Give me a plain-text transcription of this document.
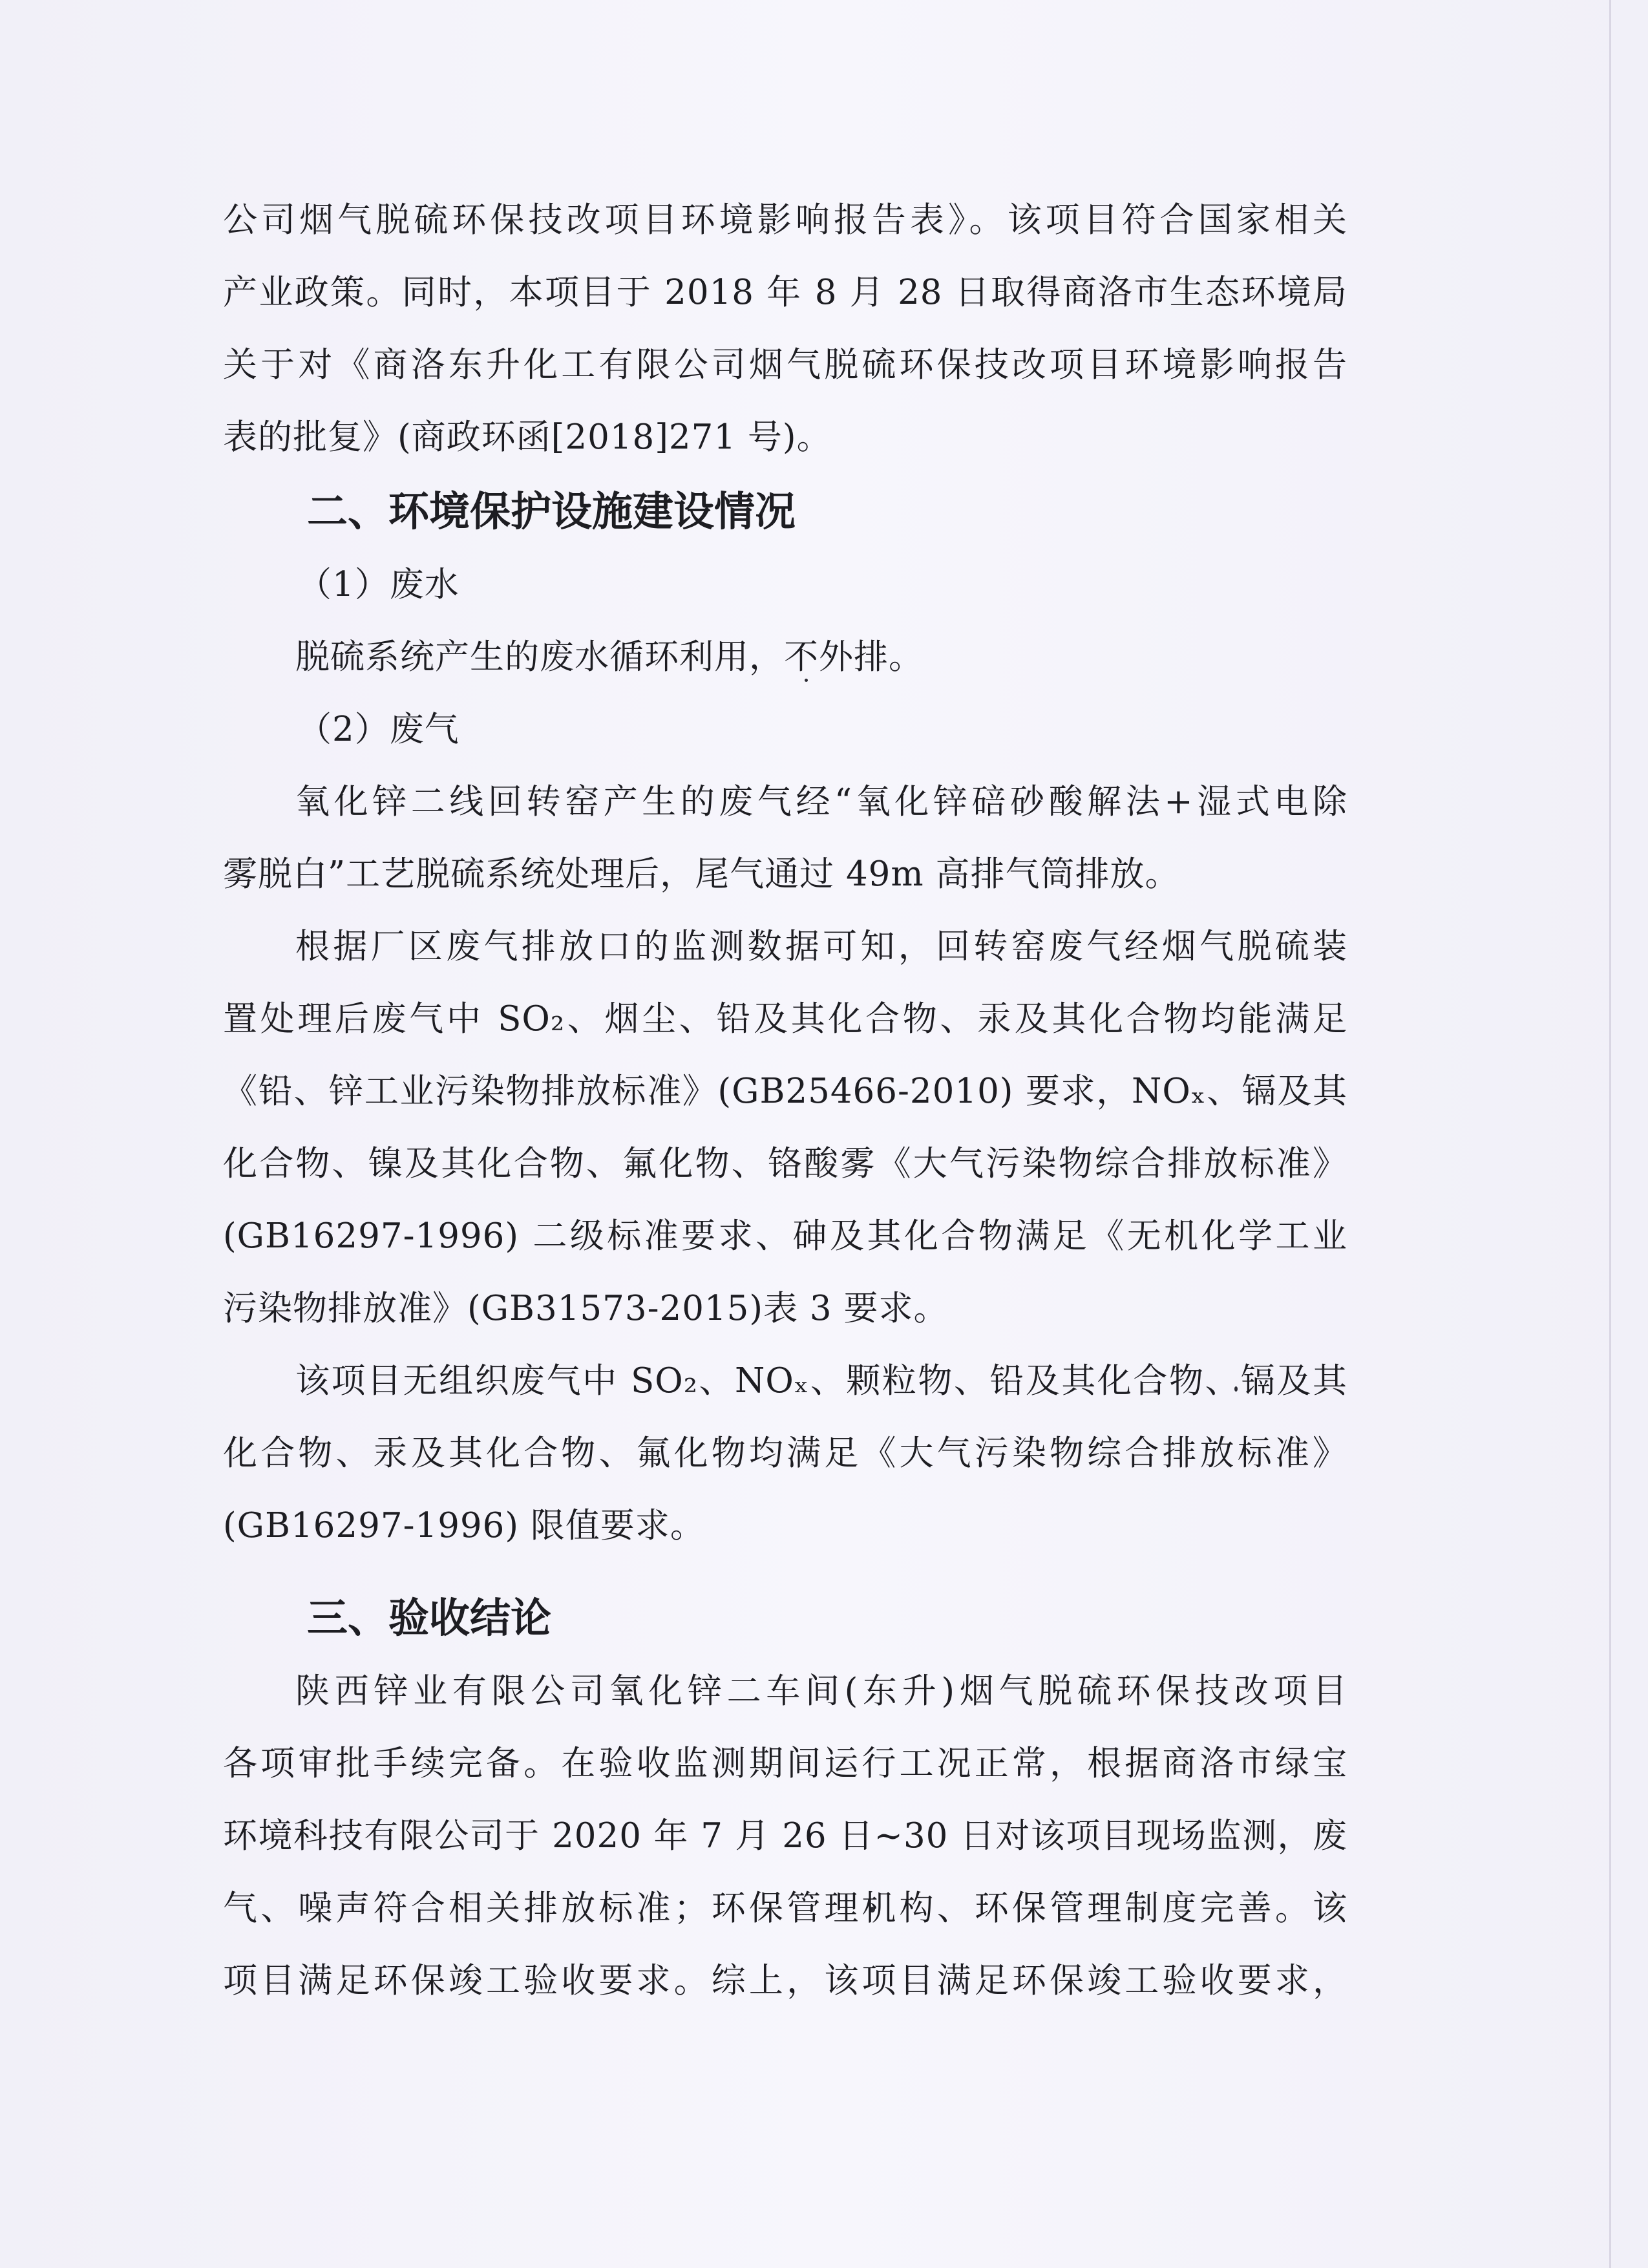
公司烟气脱硫环保技改项目环境影响报告表》。该项目符合国家相关
产业政策。同时，本项目于 2018 年 8 月 28 日取得商洛市生态环境局
关于对《商洛东升化工有限公司烟气脱硫环保技改项目环境影响报告
表的批复》(商政环函[2018]271 号)。
二、环境保护设施建设情况
（1）废水
脱硫系统产生的废水循环利用，不外排。
（2）废气
氧化锌二线回转窑产生的废气经“氧化锌碚砂酸解法+湿式电除
雾脱白”工艺脱硫系统处理后，尾气通过 49m 高排气筒排放。
根据厂区废气排放口的监测数据可知，回转窑废气经烟气脱硫装
置处理后废气中 SO₂、烟尘、铅及其化合物、汞及其化合物均能满足
《铅、锌工业污染物排放标准》(GB25466-2010) 要求，NOₓ、镉及其
化合物、镍及其化合物、氟化物、铬酸雾《大气污染物综合排放标准》
(GB16297-1996) 二级标准要求、砷及其化合物满足《无机化学工业
污染物排放准》(GB31573-2015)表 3 要求。
该项目无组织废气中 SO₂、NOₓ、颗粒物、铅及其化合物、镉及其
化合物、汞及其化合物、氟化物均满足《大气污染物综合排放标准》
(GB16297-1996) 限值要求。
三、验收结论
陕西锌业有限公司氧化锌二车间(东升)烟气脱硫环保技改项目
各项审批手续完备。在验收监测期间运行工况正常，根据商洛市绿宝
环境科技有限公司于 2020 年 7 月 26 日~30 日对该项目现场监测，废
气、噪声符合相关排放标准；环保管理机构、环保管理制度完善。该
项目满足环保竣工验收要求。综上，该项目满足环保竣工验收要求，
